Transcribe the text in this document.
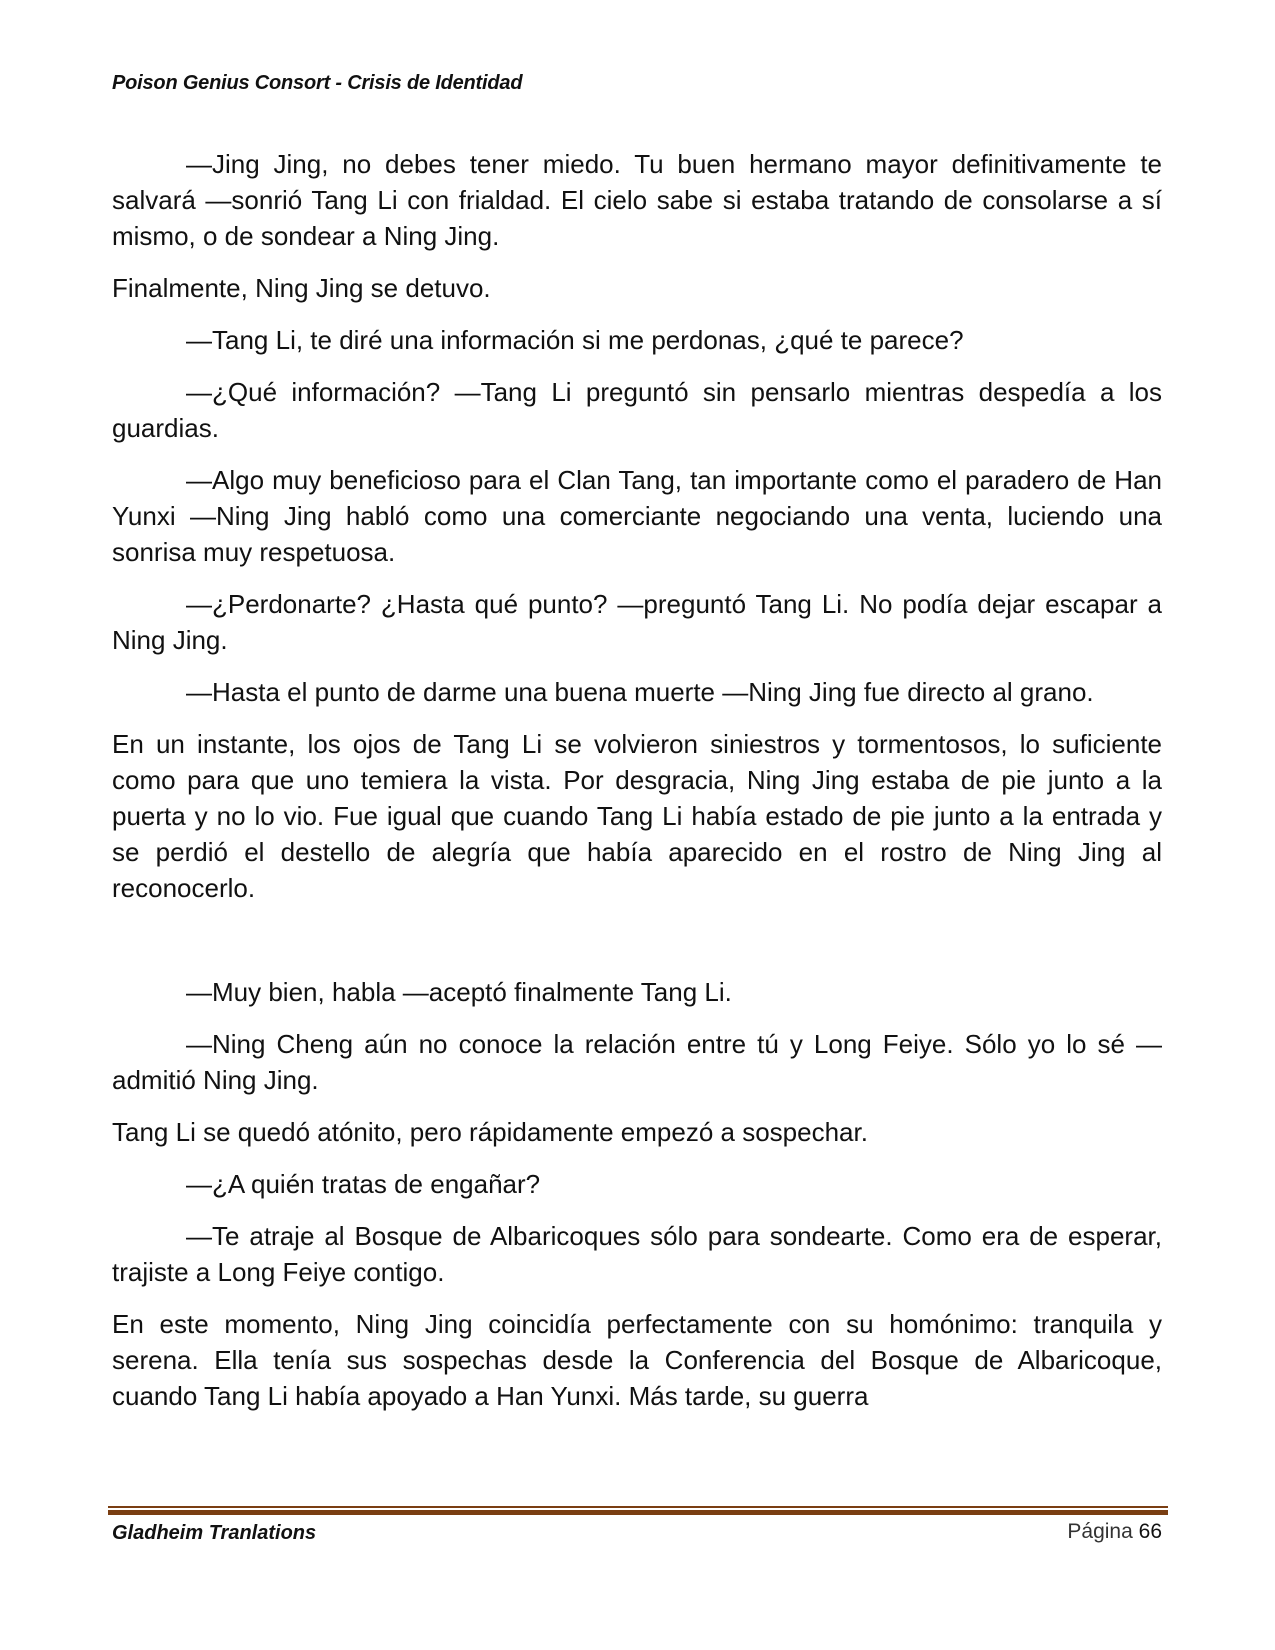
Poison Genius Consort - Crisis de Identidad

—Jing Jing, no debes tener miedo. Tu buen hermano mayor definitivamente te salvará —sonrió Tang Li con frialdad. El cielo sabe si estaba tratando de consolarse a sí mismo, o de sondear a Ning Jing.

Finalmente, Ning Jing se detuvo.

—Tang Li, te diré una información si me perdonas, ¿qué te parece?

—¿Qué información? —Tang Li preguntó sin pensarlo mientras despedía a los guardias.

—Algo muy beneficioso para el Clan Tang, tan importante como el paradero de Han Yunxi —Ning Jing habló como una comerciante negociando una venta, luciendo una sonrisa muy respetuosa.

—¿Perdonarte? ¿Hasta qué punto? —preguntó Tang Li. No podía dejar escapar a Ning Jing.

—Hasta el punto de darme una buena muerte —Ning Jing fue directo al grano.

En un instante, los ojos de Tang Li se volvieron siniestros y tormentosos, lo suficiente como para que uno temiera la vista. Por desgracia, Ning Jing estaba de pie junto a la puerta y no lo vio. Fue igual que cuando Tang Li había estado de pie junto a la entrada y se perdió el destello de alegría que había aparecido en el rostro de Ning Jing al reconocerlo.

—Muy bien, habla —aceptó finalmente Tang Li.

—Ning Cheng aún no conoce la relación entre tú y Long Feiye. Sólo yo lo sé —admitió Ning Jing.

Tang Li se quedó atónito, pero rápidamente empezó a sospechar.

—¿A quién tratas de engañar?

—Te atraje al Bosque de Albaricoques sólo para sondearte. Como era de esperar, trajiste a Long Feiye contigo.

En este momento, Ning Jing coincidía perfectamente con su homónimo: tranquila y serena. Ella tenía sus sospechas desde la Conferencia del Bosque de Albaricoque, cuando Tang Li había apoyado a Han Yunxi. Más tarde, su guerra

Gladheim Tranlations	Página 66
